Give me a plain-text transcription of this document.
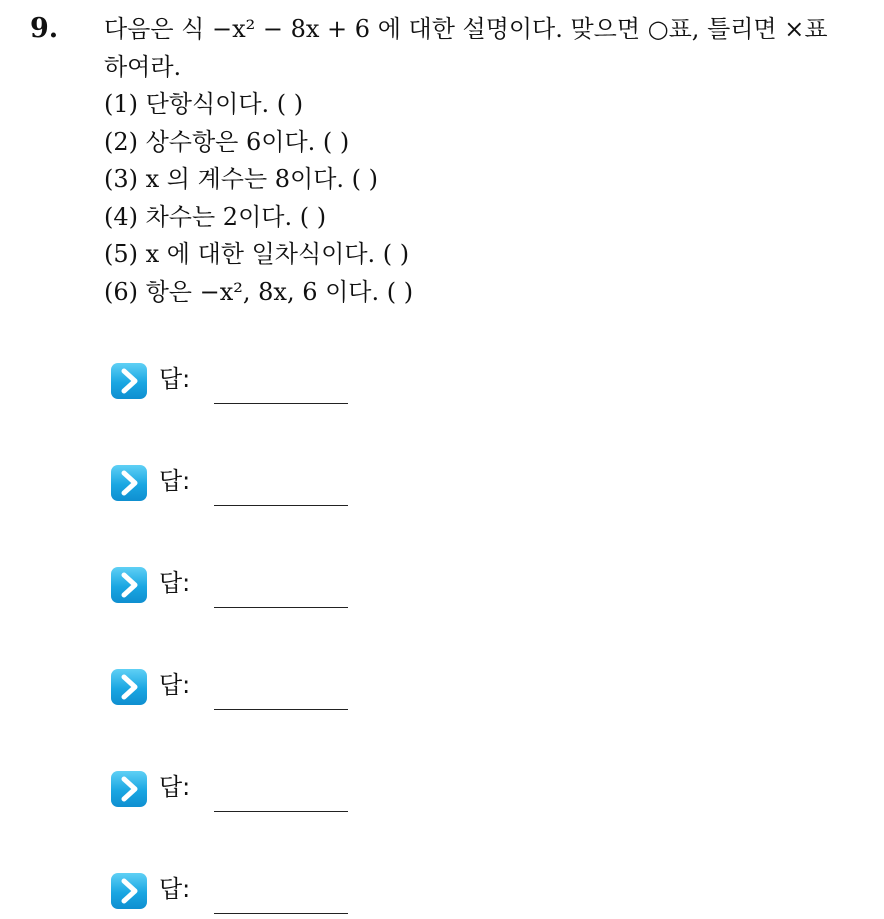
9. 다음은 식 −x² − 8x + 6 에 대한 설명이다. 맞으면 ○표, 틀리면 ×표
하여라.
(1) 단항식이다. ( )
(2) 상수항은 6이다. ( )
(3) x 의 계수는 8이다. ( )
(4) 차수는 2이다. ( )
(5) x 에 대한 일차식이다. ( )
(6) 항은 −x², 8x, 6 이다. ( )
답:
답:
답:
답:
답:
답:
